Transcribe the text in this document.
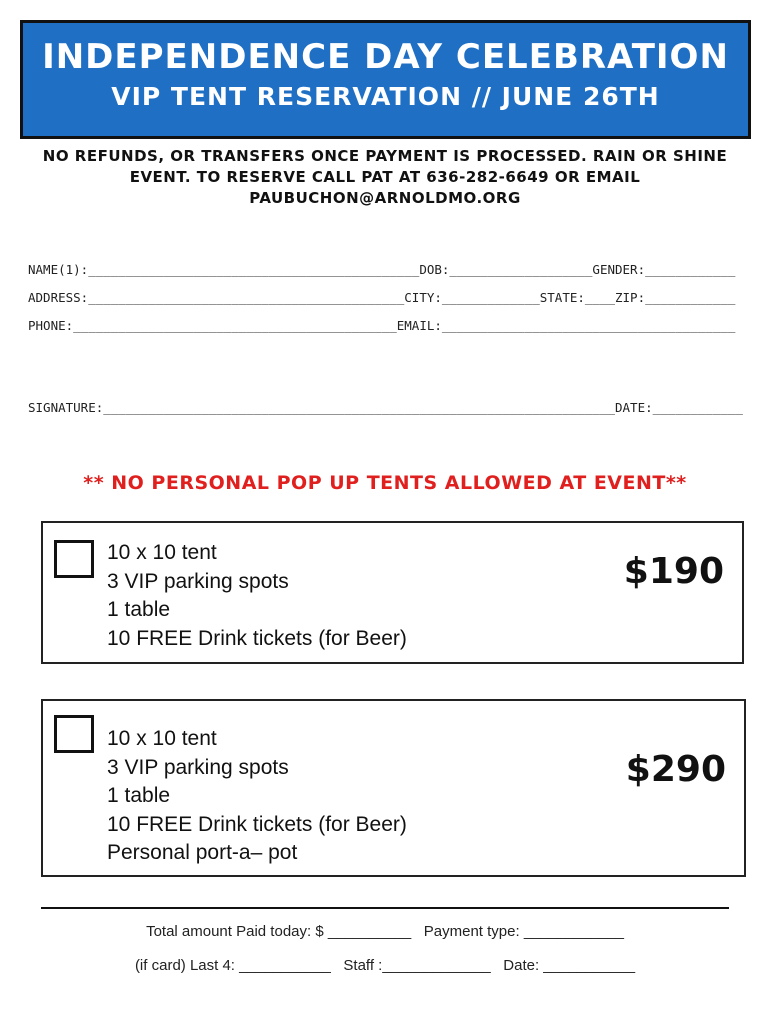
INDEPENDENCE DAY CELEBRATION
VIP TENT RESERVATION // JUNE 26TH
NO REFUNDS, OR TRANSFERS ONCE PAYMENT IS PROCESSED. RAIN OR SHINE EVENT. TO RESERVE CALL PAT AT 636-282-6649 OR EMAIL PAUBUCHON@ARNOLDMO.ORG
NAME(1):____________________________________________DOB:___________________GENDER:____________
ADDRESS:__________________________________________CITY:_____________STATE:____ZIP:____________
PHONE:___________________________________________EMAIL:_______________________________________
SIGNATURE:____________________________________________________________________DATE:____________
** NO PERSONAL POP UP TENTS ALLOWED AT EVENT**
10 x 10 tent
3 VIP parking spots
1 table
10 FREE Drink tickets (for Beer)
$190
10 x 10 tent
3 VIP parking spots
1 table
10 FREE Drink tickets (for Beer)
Personal port-a– pot
$290
Total amount Paid today: $ __________   Payment type: ____________
(if card) Last 4: ___________   Staff :_____________   Date: ___________
